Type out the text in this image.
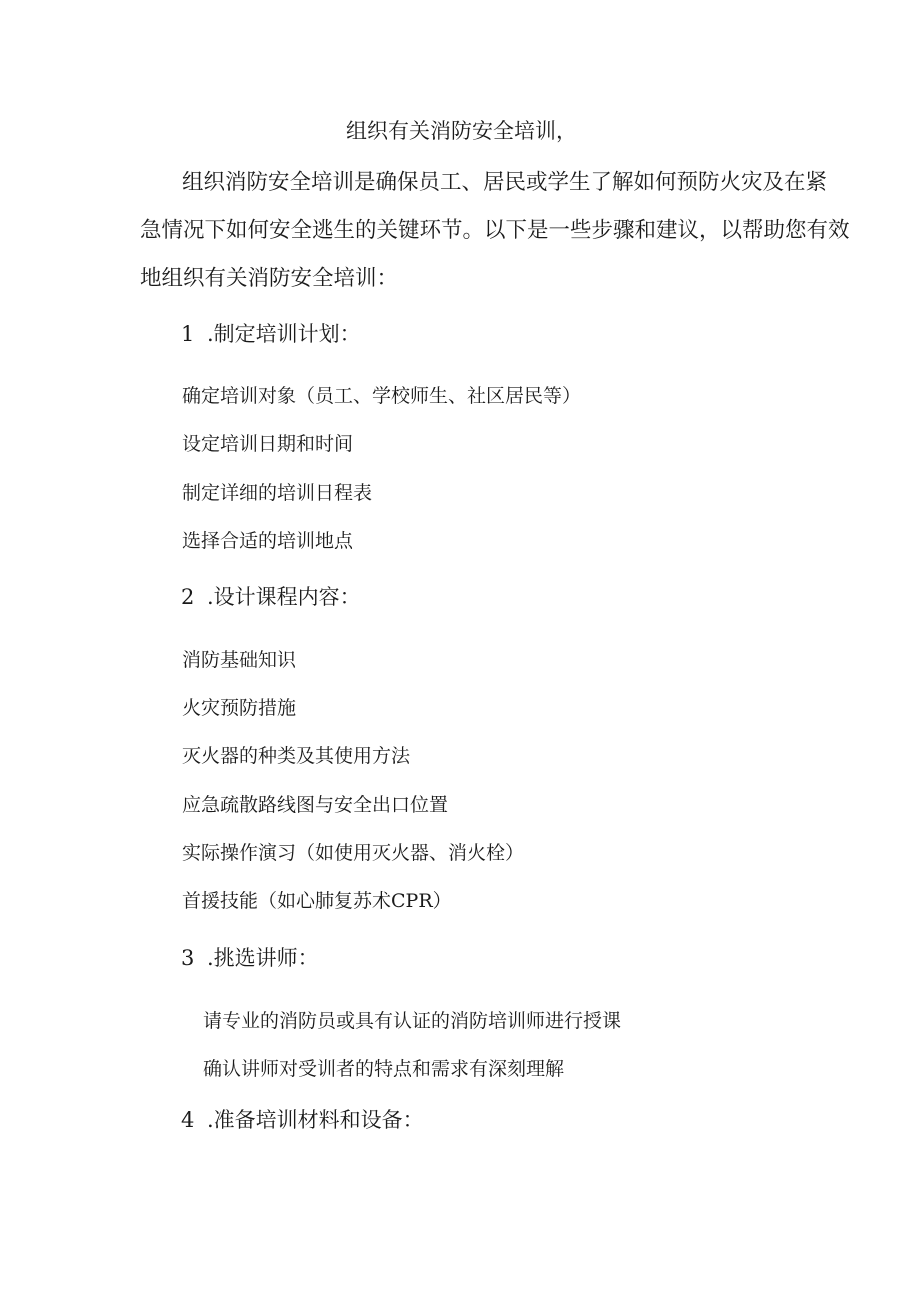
组织有关消防安全培训，
组织消防安全培训是确保员工、居民或学生了解如何预防火灾及在紧
急情况下如何安全逃生的关键环节。以下是一些步骤和建议，以帮助您有效
地组织有关消防安全培训：
1 .制定培训计划：
确定培训对象（员工、学校师生、社区居民等）
设定培训日期和时间
制定详细的培训日程表
选择合适的培训地点
2 .设计课程内容：
消防基础知识
火灾预防措施
灭火器的种类及其使用方法
应急疏散路线图与安全出口位置
实际操作演习（如使用灭火器、消火栓）
首援技能（如心肺复苏术CPR）
3 .挑选讲师：
请专业的消防员或具有认证的消防培训师进行授课
确认讲师对受训者的特点和需求有深刻理解
4 .准备培训材料和设备：
